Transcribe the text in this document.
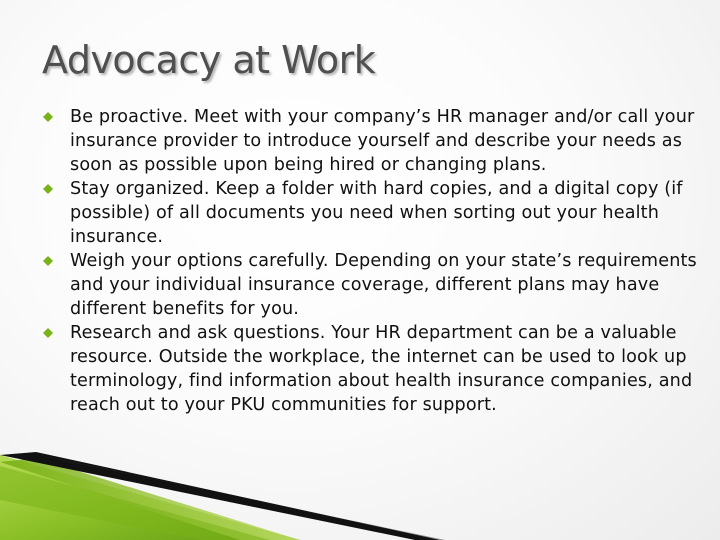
Advocacy at Work
Be proactive. Meet with your company’s HR manager and/or call your insurance provider to introduce yourself and describe your needs as soon as possible upon being hired or changing plans.
Stay organized. Keep a folder with hard copies, and a digital copy (if possible) of all documents you need when sorting out your health insurance.
Weigh your options carefully. Depending on your state’s requirements and your individual insurance coverage, different plans may have different benefits for you.
Research and ask questions. Your HR department can be a valuable resource. Outside the workplace, the internet can be used to look up terminology, find information about health insurance companies, and reach out to your PKU communities for support.
